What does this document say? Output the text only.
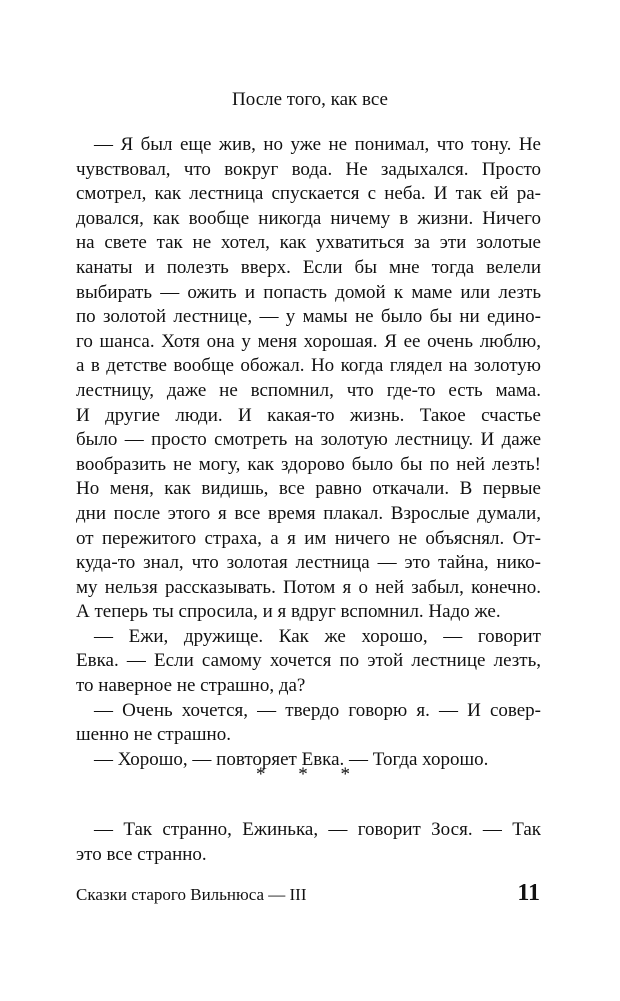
После того, как все
— Я был еще жив, но уже не понимал, что тону. Не
чувствовал, что вокруг вода. Не задыхался. Просто
смотрел, как лестница спускается с неба. И так ей ра-
довался, как вообще никогда ничему в жизни. Ничего
на свете так не хотел, как ухватиться за эти золотые
канаты и полезть вверх. Если бы мне тогда велели
выбирать — ожить и попасть домой к маме или лезть
по золотой лестнице, — у мамы не было бы ни едино-
го шанса. Хотя она у меня хорошая. Я ее очень люблю,
а в детстве вообще обожал. Но когда глядел на золотую
лестницу, даже не вспомнил, что где-то есть мама.
И другие люди. И какая-то жизнь. Такое счастье
было — просто смотреть на золотую лестницу. И даже
вообразить не могу, как здорово было бы по ней лезть!
Но меня, как видишь, все равно откачали. В первые
дни после этого я все время плакал. Взрослые думали,
от пережитого страха, а я им ничего не объяснял. От-
куда-то знал, что золотая лестница — это тайна, нико-
му нельзя рассказывать. Потом я о ней забыл, конечно.
А теперь ты спросила, и я вдруг вспомнил. Надо же.
— Ежи, дружище. Как же хорошо, — говорит
Евка. — Если самому хочется по этой лестнице лезть,
то наверное не страшно, да?
— Очень хочется, — твердо говорю я. — И совер-
шенно не страшно.
— Хорошо, — повторяет Евка. — Тогда хорошо.
* * *
— Так странно, Ежинька, — говорит Зося. — Так
это все странно.
Сказки старого Вильнюса — III	11
